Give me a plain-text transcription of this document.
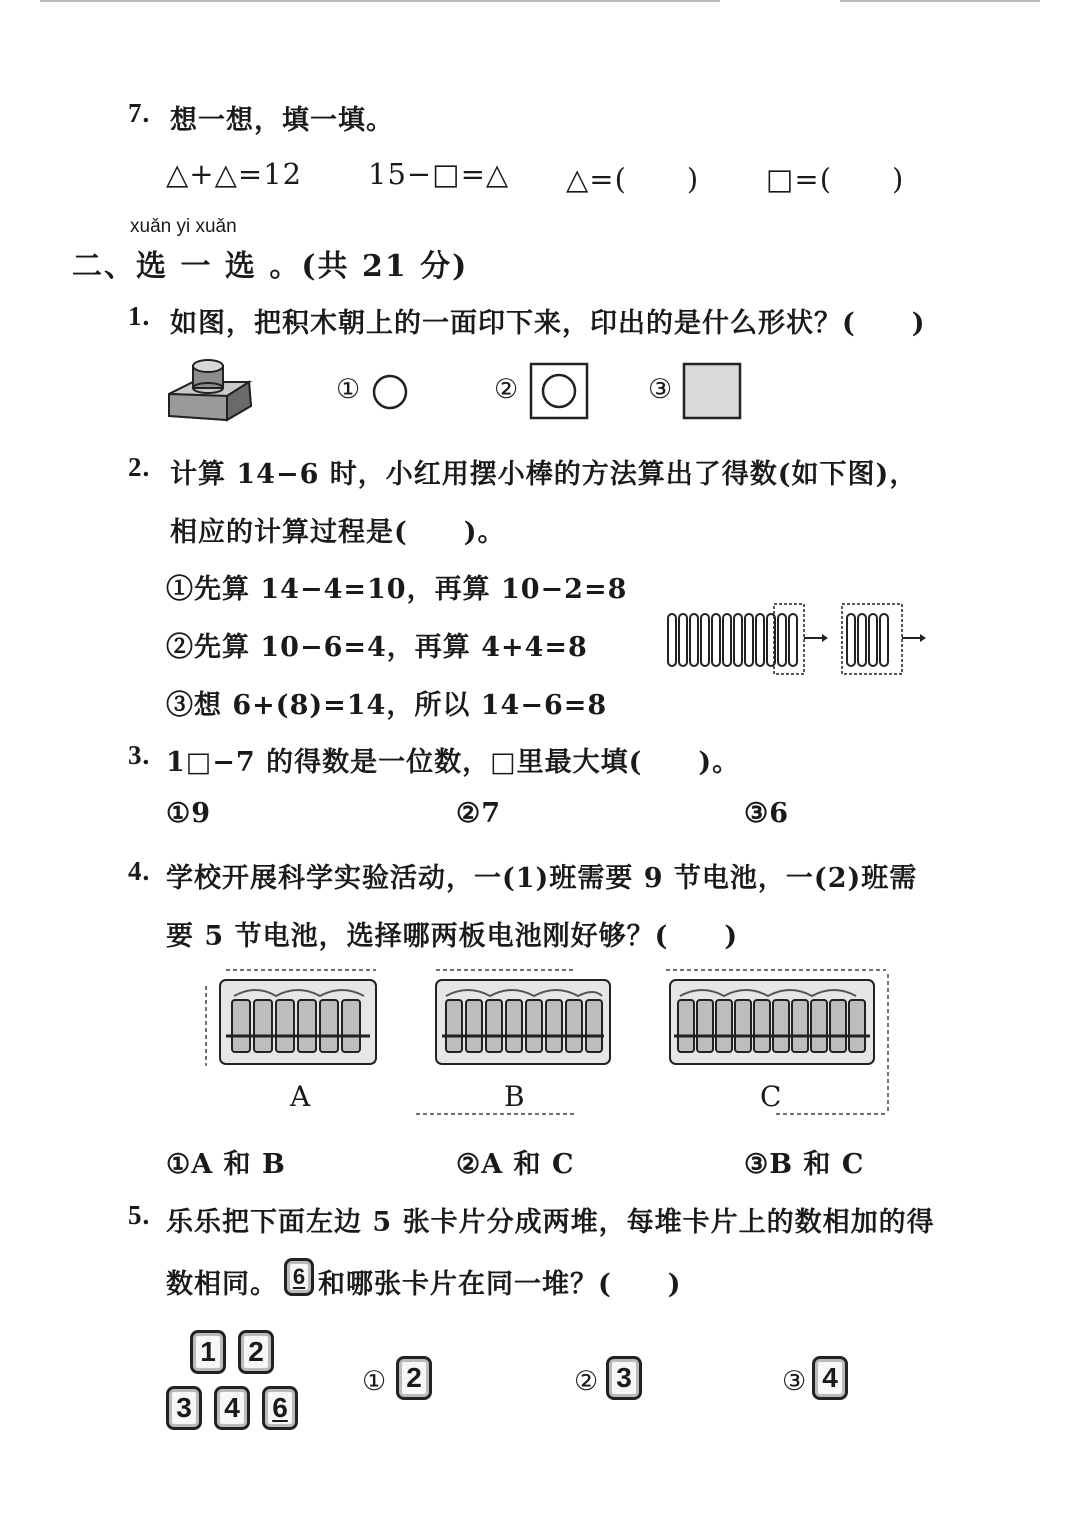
7. 想一想，填一填。
△+△=12 15−□=△ △=(　　) □=(　　)
xuǎn yi xuǎn
二、选 一 选 。(共 21 分)
1. 如图，把积木朝上的一面印下来，印出的是什么形状？(　　)
①	②	③
2. 计算 14−6 时，小红用摆小棒的方法算出了得数(如下图)，
相应的计算过程是(　　)。
①先算 14−4=10，再算 10−2=8
②先算 10−6=4，再算 4+4=8
③想 6+(8)=14，所以 14−6=8
3. 1□−7 的得数是一位数，□里最大填(　　)。
①9	②7	③6
4. 学校开展科学实验活动，一(1)班需要 9 节电池，一(2)班需
要 5 节电池，选择哪两板电池刚好够？(　　)
A	B	C
①A 和 B	②A 和 C	③B 和 C
5. 乐乐把下面左边 5 张卡片分成两堆，每堆卡片上的数相加的得
数相同。 6 和哪张卡片在同一堆？(　　)
1	2
3	4	6
① 2	② 3	③ 4
